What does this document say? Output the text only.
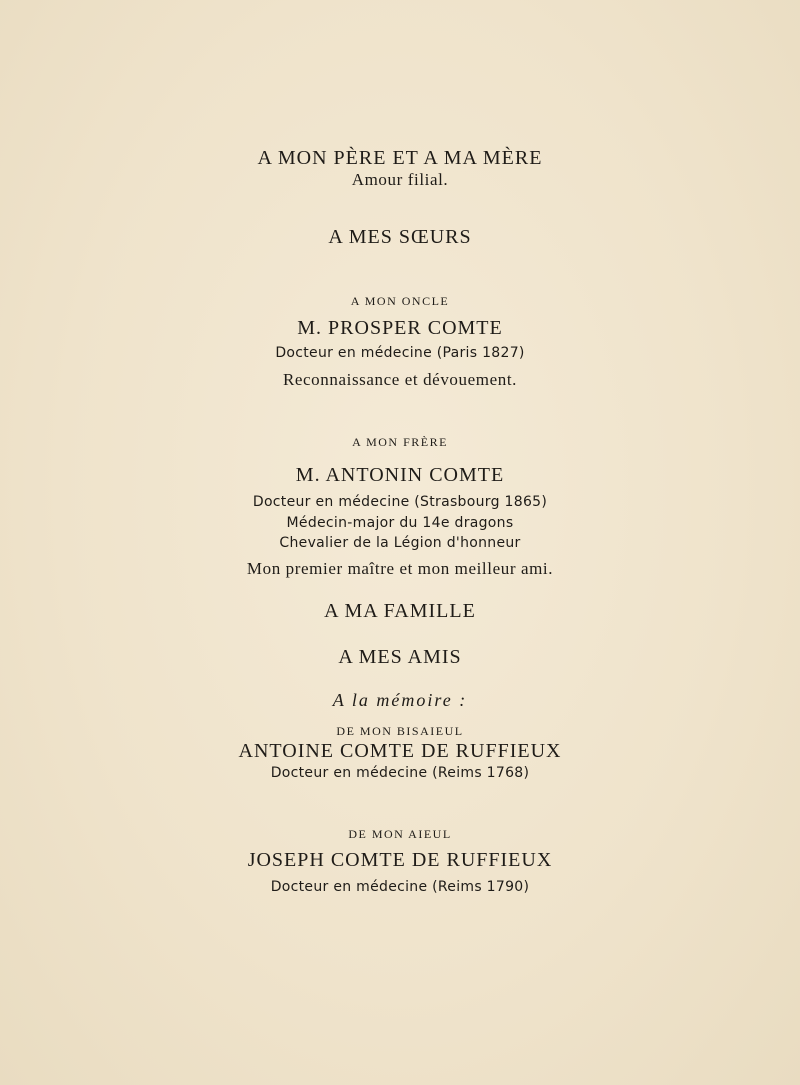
A MON PÈRE ET A MA MÈRE
Amour filial.
A MES SŒURS
A MON ONCLE
M. PROSPER COMTE
Docteur en médecine (Paris 1827)
Reconnaissance et dévouement.
A MON FRÈRE
M. ANTONIN COMTE
Docteur en médecine (Strasbourg 1865)
Médecin-major du 14e dragons
Chevalier de la Légion d'honneur
Mon premier maître et mon meilleur ami.
A MA FAMILLE
A MES AMIS
A la mémoire :
DE MON BISAIEUL
ANTOINE COMTE DE RUFFIEUX
Docteur en médecine (Reims 1768)
DE MON AIEUL
JOSEPH COMTE DE RUFFIEUX
Docteur en médecine (Reims 1790)
